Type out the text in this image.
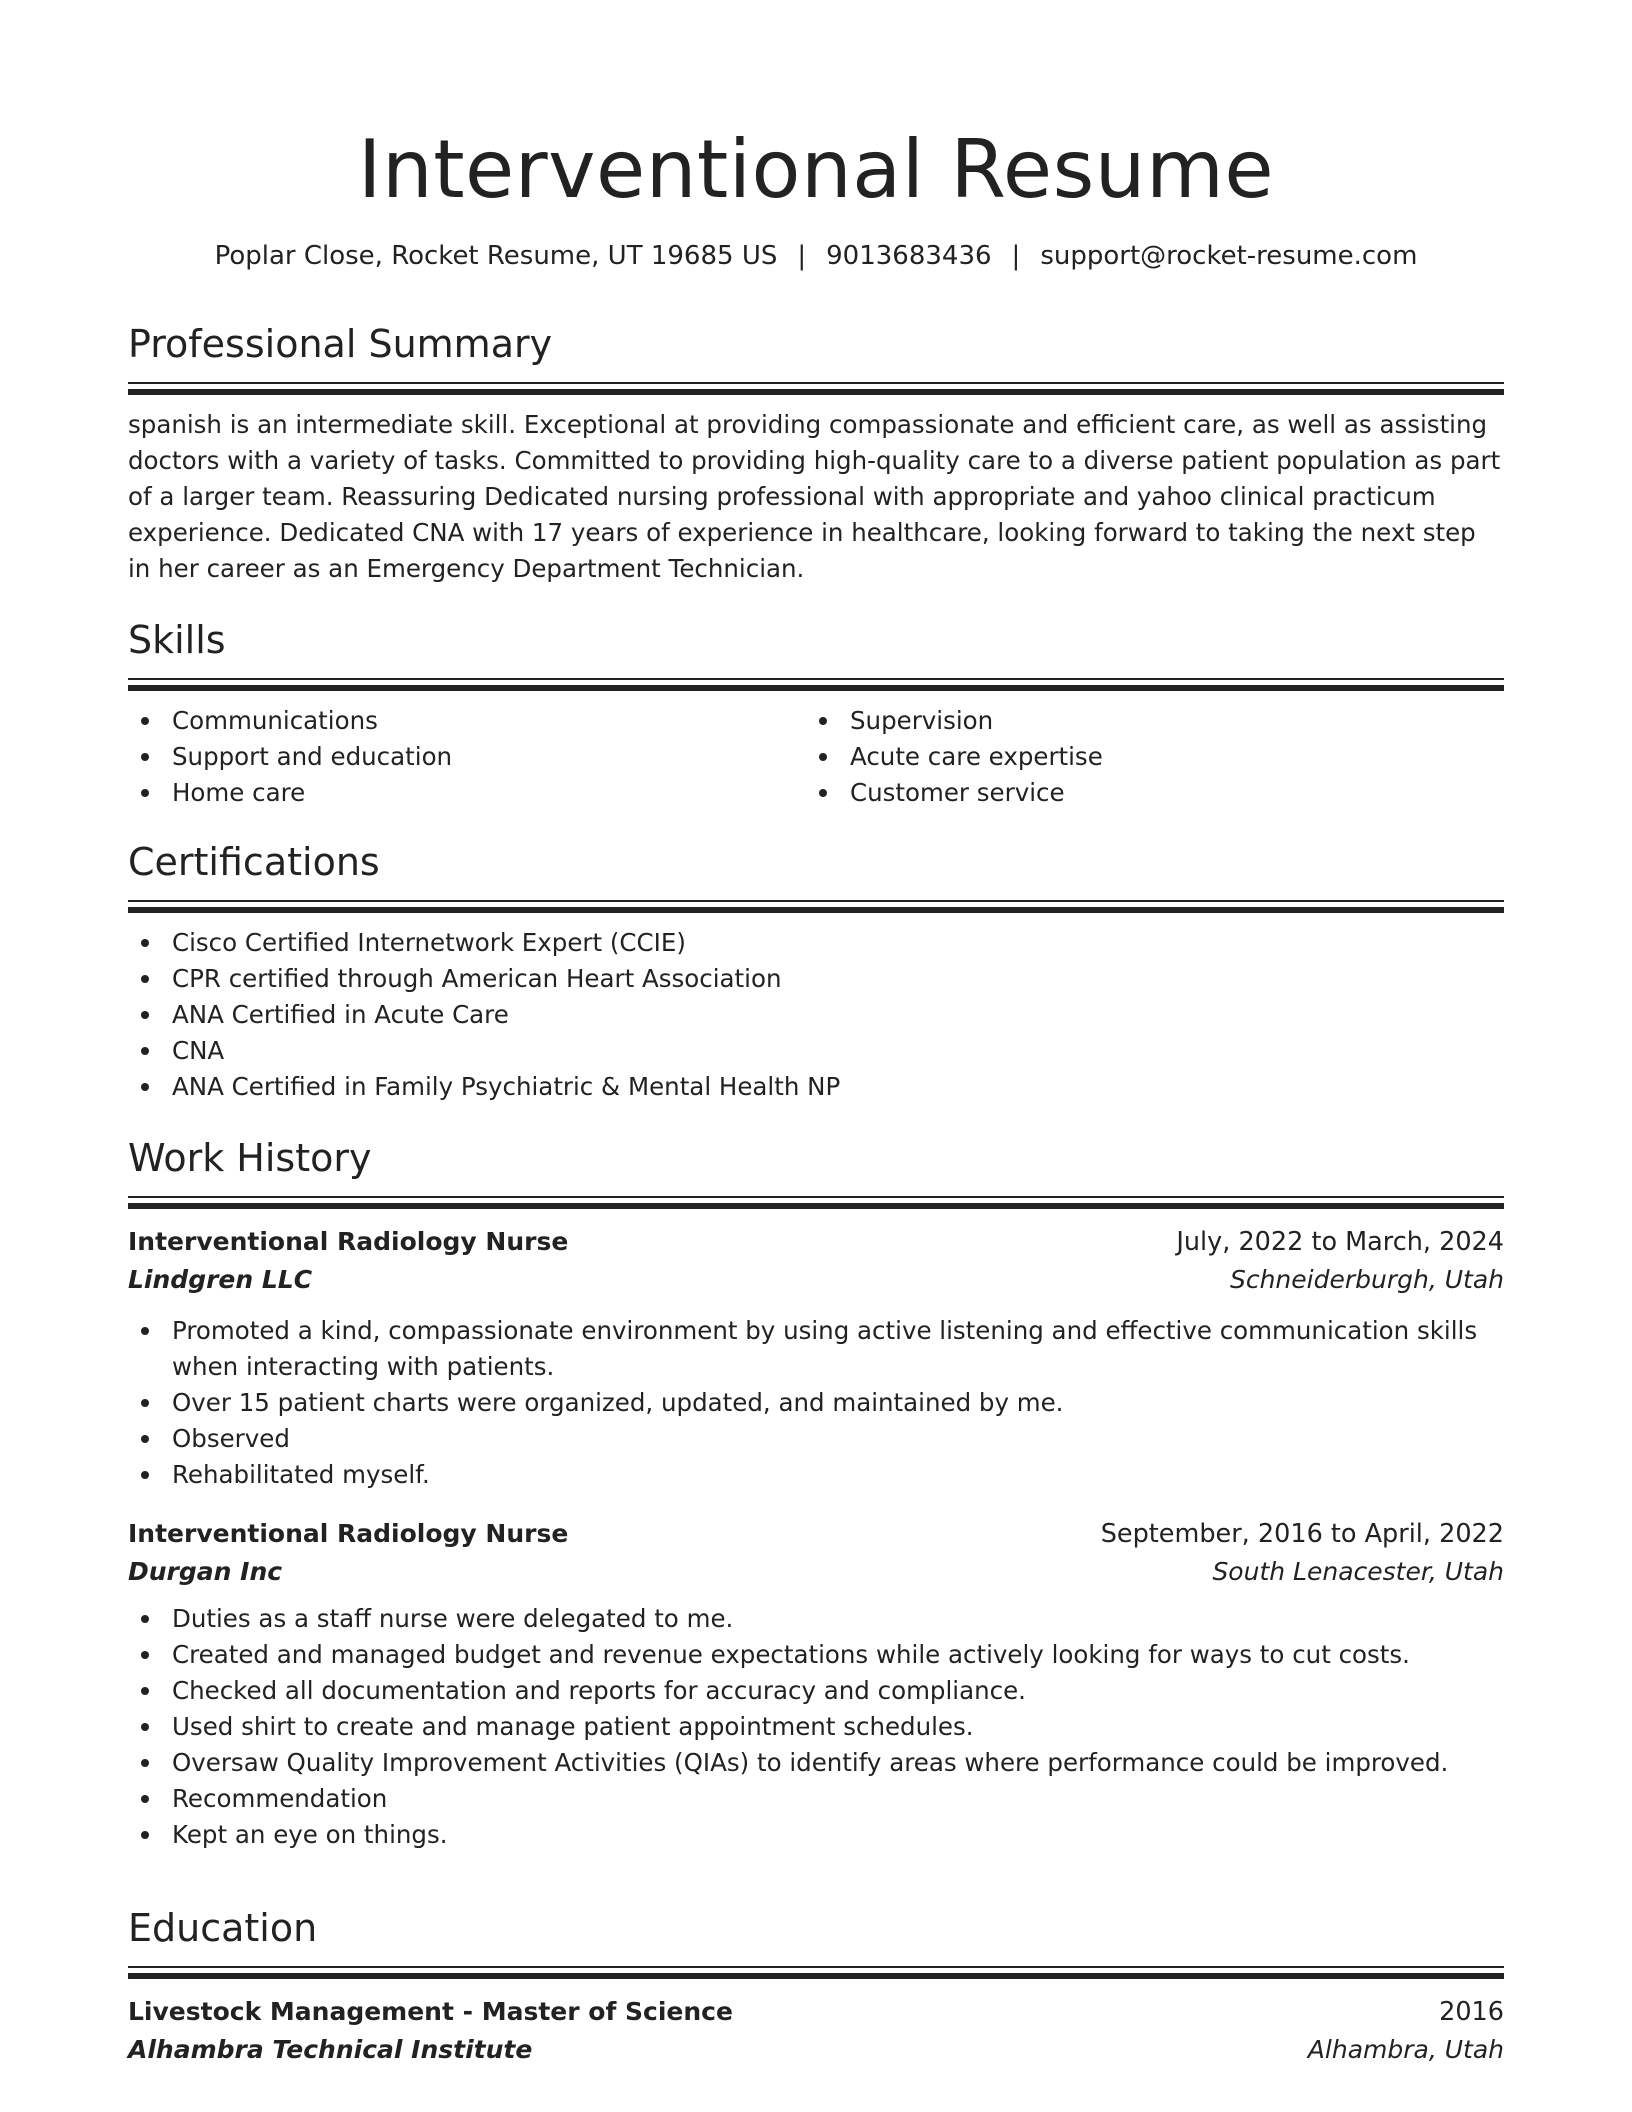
Interventional Resume
Poplar Close, Rocket Resume, UT 19685 US | 9013683436 | support@rocket-resume.com
Professional Summary

spanish is an intermediate skill. Exceptional at providing compassionate and efficient care, as well as assisting doctors with a variety of tasks. Committed to providing high-quality care to a diverse patient population as part of a larger team. Reassuring Dedicated nursing professional with appropriate and yahoo clinical practicum experience. Dedicated CNA with 17 years of experience in healthcare, looking forward to taking the next step in her career as an Emergency Department Technician.

Skills
Communications
Support and education
Home care
Supervision
Acute care expertise
Customer service
Certifications
Cisco Certified Internetwork Expert (CCIE)
CPR certified through American Heart Association
ANA Certified in Acute Care
CNA
ANA Certified in Family Psychiatric & Mental Health NP
Work History
Interventional Radiology Nurse	July, 2022 to March, 2024
Lindgren LLC	Schneiderburgh, Utah
Promoted a kind, compassionate environment by using active listening and effective communication skills when interacting with patients.
Over 15 patient charts were organized, updated, and maintained by me.
Observed
Rehabilitated myself.
Interventional Radiology Nurse	September, 2016 to April, 2022
Durgan Inc	South Lenacester, Utah
Duties as a staff nurse were delegated to me.
Created and managed budget and revenue expectations while actively looking for ways to cut costs.
Checked all documentation and reports for accuracy and compliance.
Used shirt to create and manage patient appointment schedules.
Oversaw Quality Improvement Activities (QIAs) to identify areas where performance could be improved.
Recommendation
Kept an eye on things.
Education
Livestock Management - Master of Science	2016
Alhambra Technical Institute	Alhambra, Utah
